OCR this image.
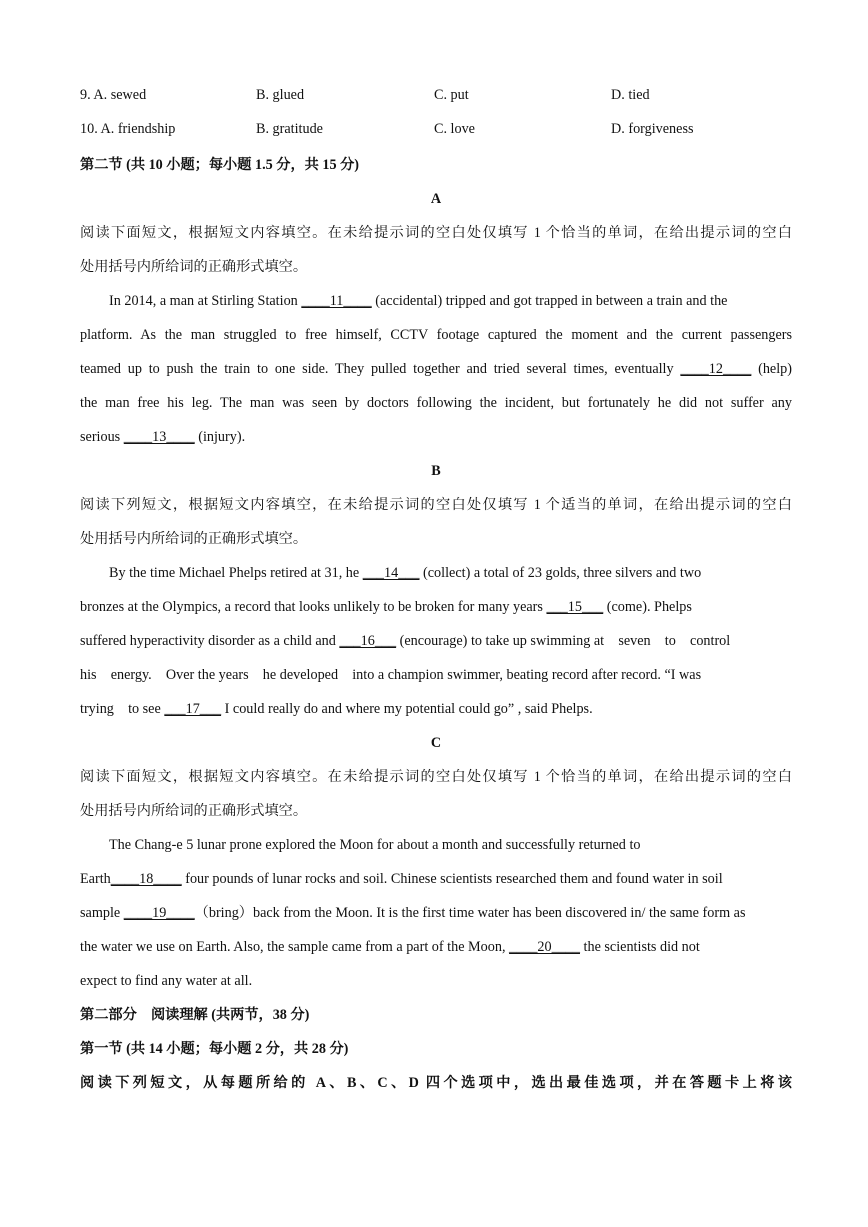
9. A. sewed	B. glued	C. put	D. tied
10. A. friendship	B. gratitude	C. love	D. forgiveness
第二节 (共 10 小题；每小题 1.5 分，共 15 分)
A
阅读下面短文，根据短文内容填空。在未给提示词的空白处仅填写 1 个恰当的单词，在给出提示词的空白
处用括号内所给词的正确形式填空。
In 2014, a man at Stirling Station ____11____ (accidental) tripped and got trapped in between a train and the
platform. As the man struggled to free himself, CCTV footage captured the moment and the current passengers
teamed up to push the train to one side. They pulled together and tried several times, eventually ____12____ (help)
the man free his leg. The man was seen by doctors following the incident, but fortunately he did not suffer any
serious ____13____ (injury).
B
阅读下列短文，根据短文内容填空，在未给提示词的空白处仅填写 1 个适当的单词，在给出提示词的空白
处用括号内所给词的正确形式填空。
By the time Michael Phelps retired at 31, he ___14___ (collect) a total of 23 golds, three silvers and two
bronzes at the Olympics, a record that looks unlikely to be broken for many years ___15___ (come). Phelps
suffered hyperactivity disorder as a child and ___16___ (encourage) to take up swimming at    seven    to    control
his    energy.    Over the years    he developed    into a champion swimmer, beating record after record. “I was
trying    to see ___17___ I could really do and where my potential could go” , said Phelps.
C
阅读下面短文，根据短文内容填空。在未给提示词的空白处仅填写 1 个恰当的单词，在给出提示词的空白
处用括号内所给词的正确形式填空。
The Chang-e 5 lunar prone explored the Moon for about a month and successfully returned to
Earth____18____ four pounds of lunar rocks and soil. Chinese scientists researched them and found water in soil
sample ____19____（bring）back from the Moon. It is the first time water has been discovered in/ the same form as
the water we use on Earth. Also, the sample came from a part of the Moon, ____20____ the scientists did not
expect to find any water at all.
第二部分    阅读理解 (共两节，38 分)
第一节 (共 14 小题；每小题 2 分，共 28 分)
阅读下列短文，从每题所给的 A、B、C、D 四个选项中，选出最佳选项，并在答题卡上将该
